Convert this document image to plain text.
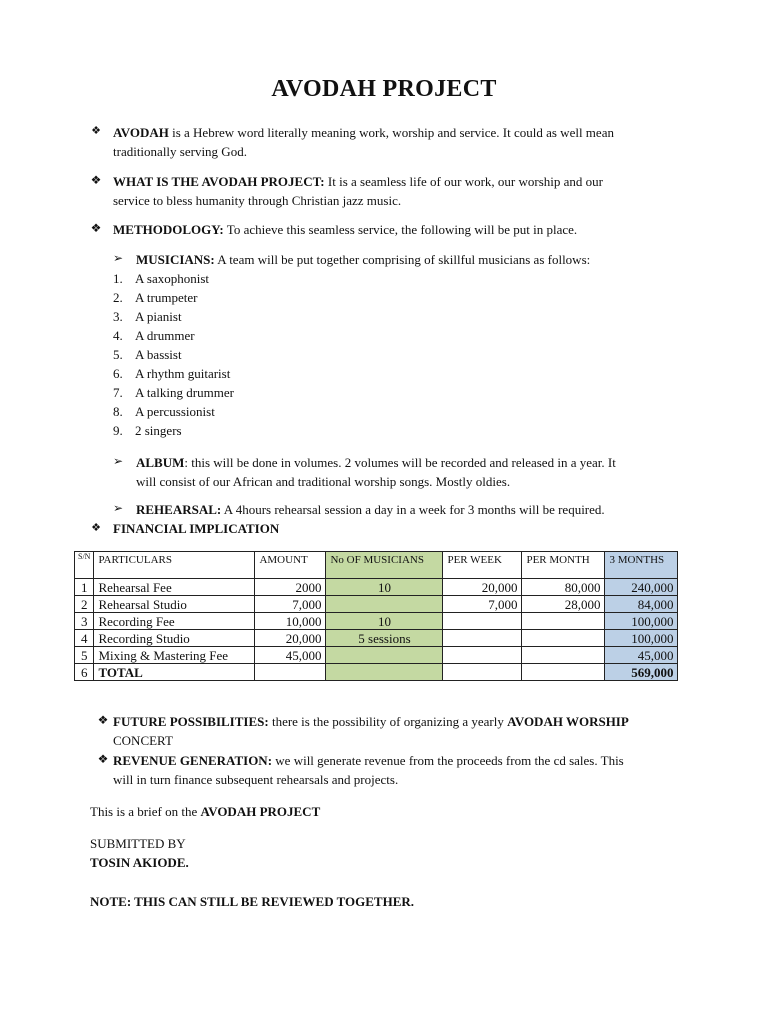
AVODAH PROJECT
❖ AVODAH is a Hebrew word literally meaning work, worship and service. It could as well mean
traditionally serving God.
❖ WHAT IS THE AVODAH PROJECT: It is a seamless life of our work, our worship and our
service to bless humanity through Christian jazz music.
❖ METHODOLOGY: To achieve this seamless service, the following will be put in place.
➢ MUSICIANS: A team will be put together comprising of skillful musicians as follows:
1. A saxophonist
2. A trumpeter
3. A pianist
4. A drummer
5. A bassist
6. A rhythm guitarist
7. A talking drummer
8. A percussionist
9. 2 singers
➢ ALBUM: this will be done in volumes. 2 volumes will be recorded and released in a year. It
will consist of our African and traditional worship songs. Mostly oldies.
➢ REHEARSAL: A 4hours rehearsal session a day in a week for 3 months will be required.
❖ FINANCIAL IMPLICATION
S/N	PARTICULARS	AMOUNT	No OF MUSICIANS	PER WEEK	PER MONTH	3 MONTHS
1	Rehearsal Fee	2000	10	20,000	80,000	240,000
2	Rehearsal Studio	7,000		7,000	28,000	84,000
3	Recording Fee	10,000	10			100,000
4	Recording Studio	20,000	5 sessions			100,000
5	Mixing & Mastering Fee	45,000				45,000
6	TOTAL					569,000
❖ FUTURE POSSIBILITIES: there is the possibility of organizing a yearly AVODAH WORSHIP
CONCERT
❖ REVENUE GENERATION: we will generate revenue from the proceeds from the cd sales. This
will in turn finance subsequent rehearsals and projects.
This is a brief on the AVODAH PROJECT
SUBMITTED BY
TOSIN AKIODE.
NOTE: THIS CAN STILL BE REVIEWED TOGETHER.
